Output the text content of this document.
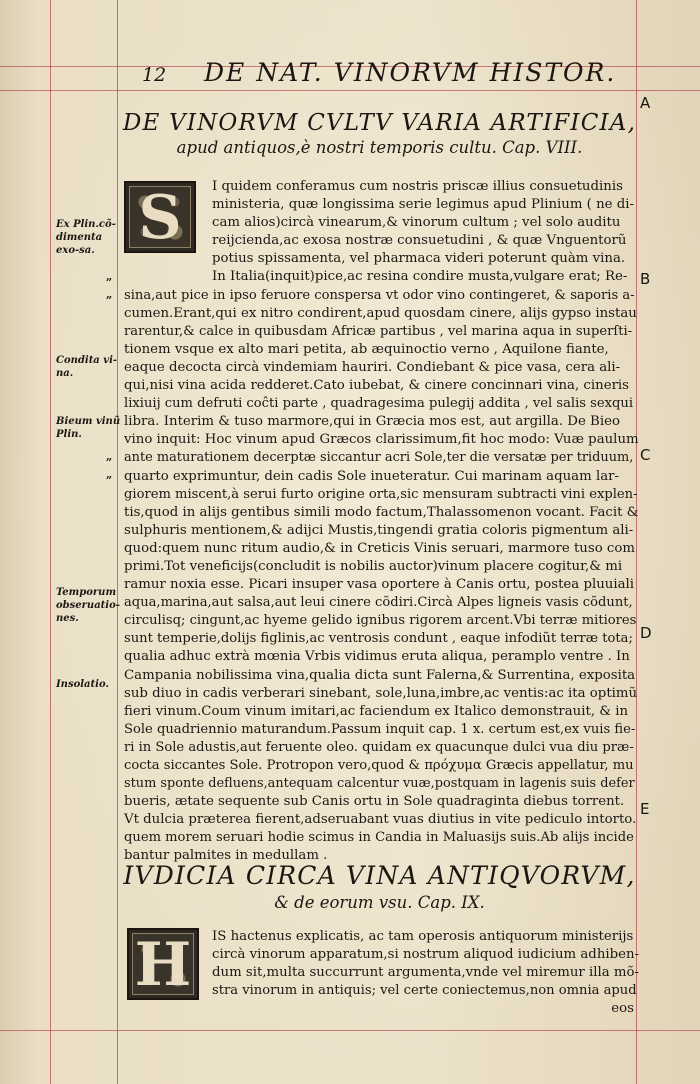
12 DE NAT. VINORVM HISTOR.
A
B
C
D
E
DE VINORVM CVLTV VARIA ARTIFICIA,
apud antiquos,è nostri temporis cultu. Cap. VIII.
S	I quidem conferamus cum nostris priscæ illius consuetudinis
ministeria, quæ longissima serie legimus apud Plinium ( ne di-
cam alios)circà vinearum,& vinorum cultum ; vel solo auditu
reijcienda,ac exosa nostræ consuetudini , & quæ Vnguentorũ
potius spissamenta, vel pharmaca videri poterunt quàm vina.
In Italia(inquit)pice,ac resina condire musta,vulgare erat; Re-
sina,aut pice in ipso feruore conspersa vt odor vino contingeret, & saporis a-
cumen.Erant,qui ex nitro condirent,apud quosdam cinere, alijs gypso instau
rarentur,& calce in quibusdam Africæ partibus , vel marina aqua in superſti-
tionem vsque ex alto mari petita, ab æquinoctio verno , Aquilone fiante,
eaque decocta circà vindemiam hauriri. Condiebant & pice vasa, cera ali-
qui,nisi vina acida redderet.Cato iubebat, & cinere concinnari vina, cineris
lixiuij cum defruti coĉti parte , quadragesima pulegij addita , vel salis sexqui
libra. Interim & tuso marmore,qui in Græcia mos est, aut argilla. De Bieo
vino inquit: Hoc vinum apud Græcos clarissimum,fit hoc modo: Vuæ paulum
ante maturationem decerptæ siccantur acri Sole,ter die versatæ per triduum,
quarto exprimuntur, dein cadis Sole inueteratur. Cui marinam aquam lar-
giorem miscent,à serui furto origine orta,sic mensuram subtracti vini explen-
tis,quod in alijs gentibus simili modo factum,Thalassomenon vocant. Facit &
sulphuris mentionem,& adijci Mustis,tingendi gratia coloris pigmentum ali-
quod:quem nunc ritum audio,& in Creticis Vinis seruari, marmore tuso com
primi.Tot veneficijs(concludit is nobilis auctor)vinum placere cogitur,& mi
ramur noxia esse. Picari insuper vasa oportere à Canis ortu, postea pluuiali
aqua,marina,aut salsa,aut leui cinere cõdiri.Circà Alpes ligneis vasis cõdunt,
circulisq; cingunt,ac hyeme gelido ignibus rigorem arcent.Vbi terræ mitiores
sunt temperie,dolijs figlinis,ac ventrosis condunt , eaque infodiũt terræ tota;
qualia adhuc extrà mœnia Vrbis vidimus eruta aliqua, peramplo ventre . In
Campania nobilissima vina,qualia dicta sunt Falerna,& Surrentina, exposita
sub diuo in cadis verberari sinebant, sole,luna,imbre,ac ventis:ac ita optimũ
fieri vinum.Coum vinum imitari,ac faciendum ex Italico demonstrauit, & in
Sole quadriennio maturandum.Passum inquit cap. 1 x. certum est,ex vuis fie-
ri in Sole adustis,aut feruente oleo. quidam ex quacunque dulci vua diu præ-
cocta siccantes Sole. Protropon vero,quod & πρόχυμα Græcis appellatur, mu
stum sponte defluens,antequam calcentur vuæ,postquam in lagenis suis defer
bueris, ætate sequente sub Canis ortu in Sole quadraginta diebus torrent.
Vt dulcia præterea fierent,adseruabant vuas diutius in vite pediculo intorto.
quem morem seruari hodie scimus in Candia in Maluasijs suis.Ab alijs incide
bantur palmites in medullam .
Ex Plin.cõ-dimenta exo-sa.
Condita vi-na.
Bieum vinũ Plin.
Temporum obseruatio-nes.
Insolatio.
„
„
„
„
IVDICIA CIRCA VINA ANTIQVORVM,
& de eorum vsu. Cap. IX.
H	IS hactenus explicatis, ac tam operosis antiquorum ministerijs
circà vinorum apparatum,si nostrum aliquod iudicium adhiben-
dum sit,multa succurrunt argumenta,vnde vel miremur illa mõ-
stra vinorum in antiquis; vel certe coniectemus,non omnia apud
eos
